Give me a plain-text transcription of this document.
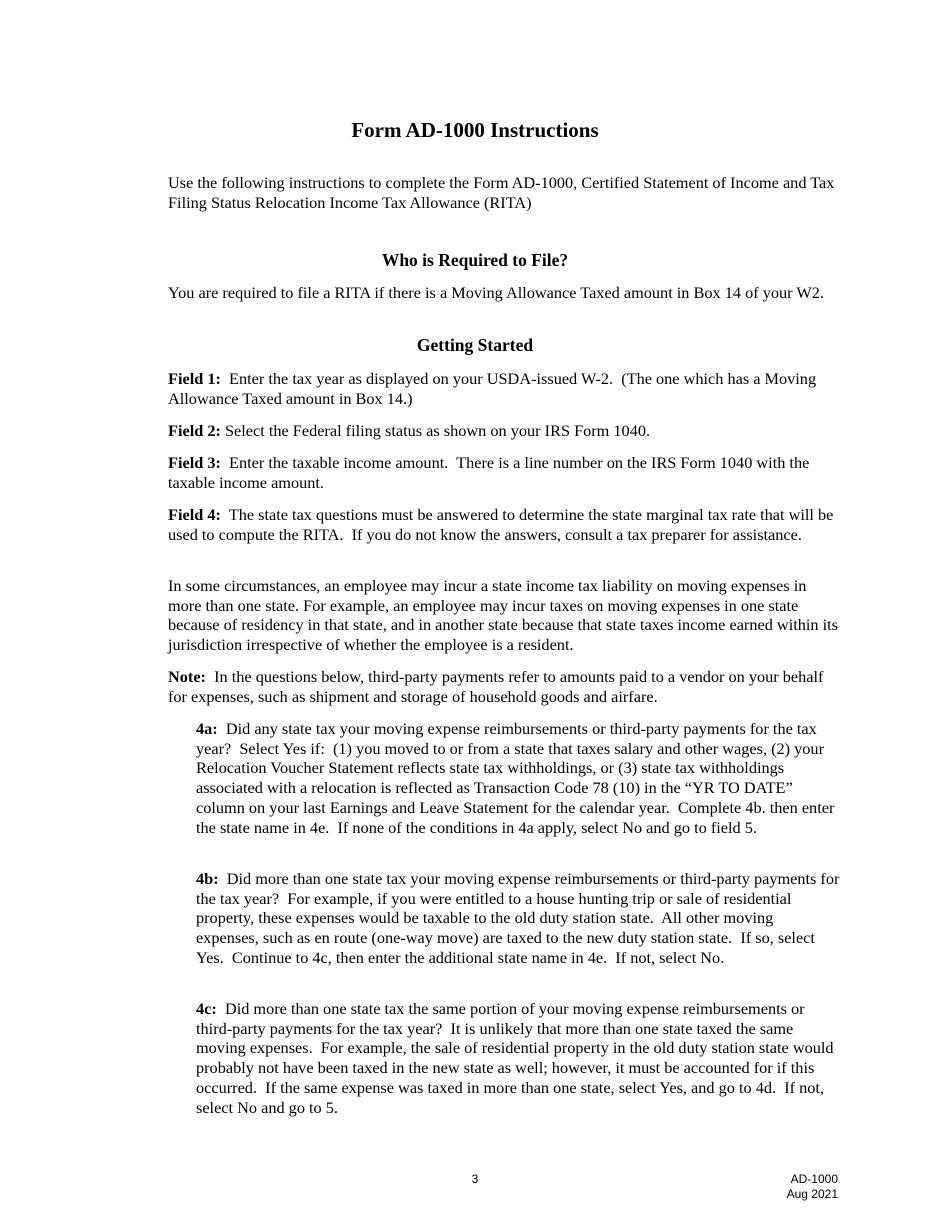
Form AD-1000 Instructions
Use the following instructions to complete the Form AD-1000, Certified Statement of Income and Tax Filing Status Relocation Income Tax Allowance (RITA)
Who is Required to File?
You are required to file a RITA if there is a Moving Allowance Taxed amount in Box 14 of your W2.
Getting Started
Field 1:  Enter the tax year as displayed on your USDA-issued W-2.  (The one which has a Moving Allowance Taxed amount in Box 14.)
Field 2: Select the Federal filing status as shown on your IRS Form 1040.
Field 3:  Enter the taxable income amount.  There is a line number on the IRS Form 1040 with the taxable income amount.
Field 4:  The state tax questions must be answered to determine the state marginal tax rate that will be used to compute the RITA.  If you do not know the answers, consult a tax preparer for assistance.
In some circumstances, an employee may incur a state income tax liability on moving expenses in more than one state. For example, an employee may incur taxes on moving expenses in one state because of residency in that state, and in another state because that state taxes income earned within its jurisdiction irrespective of whether the employee is a resident.
Note:  In the questions below, third-party payments refer to amounts paid to a vendor on your behalf for expenses, such as shipment and storage of household goods and airfare.
4a:  Did any state tax your moving expense reimbursements or third-party payments for the tax year?  Select Yes if:  (1) you moved to or from a state that taxes salary and other wages, (2) your Relocation Voucher Statement reflects state tax withholdings, or (3) state tax withholdings associated with a relocation is reflected as Transaction Code 78 (10) in the “YR TO DATE” column on your last Earnings and Leave Statement for the calendar year.  Complete 4b. then enter the state name in 4e.  If none of the conditions in 4a apply, select No and go to field 5.
4b:  Did more than one state tax your moving expense reimbursements or third-party payments for the tax year?  For example, if you were entitled to a house hunting trip or sale of residential property, these expenses would be taxable to the old duty station state.  All other moving expenses, such as en route (one-way move) are taxed to the new duty station state.  If so, select Yes.  Continue to 4c, then enter the additional state name in 4e.  If not, select No.
4c:  Did more than one state tax the same portion of your moving expense reimbursements or third-party payments for the tax year?  It is unlikely that more than one state taxed the same moving expenses.  For example, the sale of residential property in the old duty station state would probably not have been taxed in the new state as well; however, it must be accounted for if this occurred.  If the same expense was taxed in more than one state, select Yes, and go to 4d.  If not, select No and go to 5.
3	AD-1000
Aug 2021
